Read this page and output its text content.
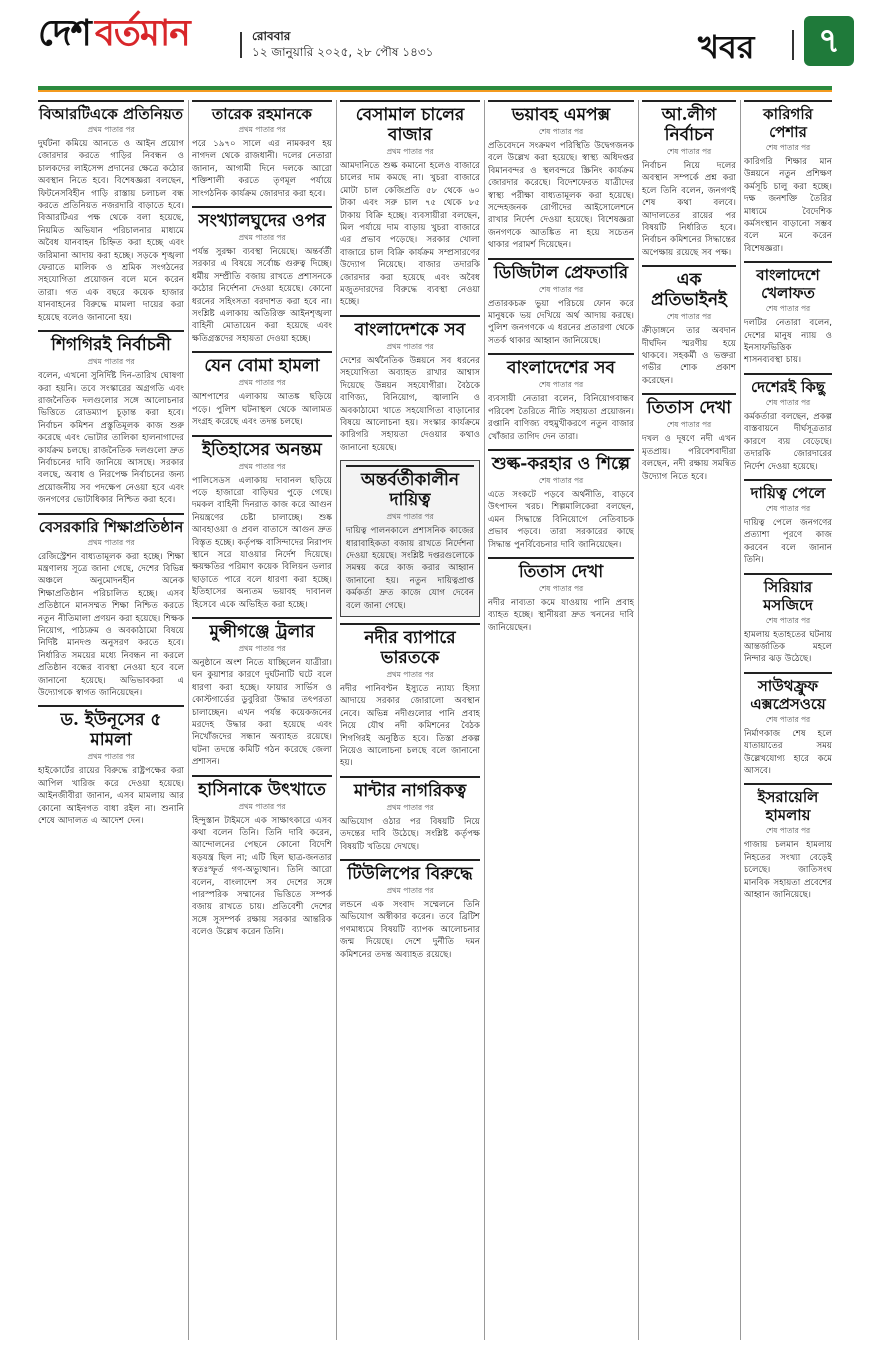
দেশ বর্তমান	রোববার
১২ জানুয়ারি ২০২৫, ২৮ পৌষ ১৪৩১	খবর	৭
বিআরটিএকে প্রতিনিয়ত
প্রথম পাতার পর
দুর্ঘটনা কমিয়ে আনতে ও আইন প্রয়োগ জোরদার করতে গাড়ির নিবন্ধন ও চালকদের লাইসেন্স প্রদানের ক্ষেত্রে কঠোর অবস্থান নিতে হবে। বিশেষজ্ঞরা বলছেন, ফিটনেসবিহীন গাড়ি রাস্তায় চলাচল বন্ধ করতে প্রতিনিয়ত নজরদারি বাড়াতে হবে। বিআরটিএর পক্ষ থেকে বলা হয়েছে, নিয়মিত অভিযান পরিচালনার মাধ্যমে অবৈধ যানবাহন চিহ্নিত করা হচ্ছে এবং জরিমানা আদায় করা হচ্ছে। সড়কে শৃঙ্খলা ফেরাতে মালিক ও শ্রমিক সংগঠনের সহযোগিতা প্রয়োজন বলে মনে করেন তারা। গত এক বছরে কয়েক হাজার যানবাহনের বিরুদ্ধে মামলা দায়ের করা হয়েছে বলেও জানানো হয়।
শিগগিরই নির্বাচনী
প্রথম পাতার পর
বলেন, এখনো সুনির্দিষ্ট দিন-তারিখ ঘোষণা করা হয়নি। তবে সংস্কারের অগ্রগতি এবং রাজনৈতিক দলগুলোর সঙ্গে আলোচনার ভিত্তিতে রোডম্যাপ চূড়ান্ত করা হবে। নির্বাচন কমিশন প্রস্তুতিমূলক কাজ শুরু করেছে এবং ভোটার তালিকা হালনাগাদের কার্যক্রম চলছে। রাজনৈতিক দলগুলো দ্রুত নির্বাচনের দাবি জানিয়ে আসছে। সরকার বলছে, অবাধ ও নিরপেক্ষ নির্বাচনের জন্য প্রয়োজনীয় সব পদক্ষেপ নেওয়া হবে এবং জনগণের ভোটাধিকার নিশ্চিত করা হবে।
বেসরকারি শিক্ষাপ্রতিষ্ঠান
প্রথম পাতার পর
রেজিস্ট্রেশন বাধ্যতামূলক করা হচ্ছে। শিক্ষা মন্ত্রণালয় সূত্রে জানা গেছে, দেশের বিভিন্ন অঞ্চলে অনুমোদনহীন অনেক শিক্ষাপ্রতিষ্ঠান পরিচালিত হচ্ছে। এসব প্রতিষ্ঠানে মানসম্মত শিক্ষা নিশ্চিত করতে নতুন নীতিমালা প্রণয়ন করা হয়েছে। শিক্ষক নিয়োগ, পাঠ্যক্রম ও অবকাঠামো বিষয়ে নির্দিষ্ট মানদণ্ড অনুসরণ করতে হবে। নির্ধারিত সময়ের মধ্যে নিবন্ধন না করলে প্রতিষ্ঠান বন্ধের ব্যবস্থা নেওয়া হবে বলে জানানো হয়েছে। অভিভাবকরা এ উদ্যোগকে স্বাগত জানিয়েছেন।
ড. ইউনূসের ৫ মামলা
প্রথম পাতার পর
হাইকোর্টের রায়ের বিরুদ্ধে রাষ্ট্রপক্ষের করা আপিল খারিজ করে দেওয়া হয়েছে। আইনজীবীরা জানান, এসব মামলায় আর কোনো আইনগত বাধা রইল না। শুনানি শেষে আদালত এ আদেশ দেন।
তারেক রহমানকে
প্রথম পাতার পর
পরে ১৯৭০ সালে এর নামকরণ হয় নাগদল থেকে রাজধানী। দলের নেতারা জানান, আগামী দিনে দলকে আরো শক্তিশালী করতে তৃণমূল পর্যায়ে সাংগঠনিক কার্যক্রম জোরদার করা হবে।
সংখ্যালঘুদের ওপর
প্রথম পাতার পর
পর্যন্ত সুরক্ষা ব্যবস্থা নিয়েছে। অন্তর্বর্তী সরকার এ বিষয়ে সর্বোচ্চ গুরুত্ব দিচ্ছে। ধর্মীয় সম্প্রীতি বজায় রাখতে প্রশাসনকে কঠোর নির্দেশনা দেওয়া হয়েছে। কোনো ধরনের সহিংসতা বরদাশত করা হবে না। সংশ্লিষ্ট এলাকায় অতিরিক্ত আইনশৃঙ্খলা বাহিনী মোতায়েন করা হয়েছে এবং ক্ষতিগ্রস্তদের সহায়তা দেওয়া হচ্ছে।
যেন বোমা হামলা
প্রথম পাতার পর
আশপাশের এলাকায় আতঙ্ক ছড়িয়ে পড়ে। পুলিশ ঘটনাস্থল থেকে আলামত সংগ্রহ করেছে এবং তদন্ত চলছে।
ইতিহাসের অনন্তম
প্রথম পাতার পর
পালিসেডস এলাকায় দাবানল ছড়িয়ে পড়ে হাজারো বাড়িঘর পুড়ে গেছে। দমকল বাহিনী দিনরাত কাজ করে আগুন নিয়ন্ত্রণের চেষ্টা চালাচ্ছে। শুষ্ক আবহাওয়া ও প্রবল বাতাসে আগুন দ্রুত বিস্তৃত হচ্ছে। কর্তৃপক্ষ বাসিন্দাদের নিরাপদ স্থানে সরে যাওয়ার নির্দেশ দিয়েছে। ক্ষয়ক্ষতির পরিমাণ কয়েক বিলিয়ন ডলার ছাড়াতে পারে বলে ধারণা করা হচ্ছে। ইতিহাসের অন্যতম ভয়াবহ দাবানল হিসেবে একে অভিহিত করা হচ্ছে।
মুন্সীগঞ্জে ট্রলার
প্রথম পাতার পর
অনুষ্ঠানে অংশ নিতে যাচ্ছিলেন যাত্রীরা। ঘন কুয়াশার কারণে দুর্ঘটনাটি ঘটে বলে ধারণা করা হচ্ছে। ফায়ার সার্ভিস ও কোস্টগার্ডের ডুবুরিরা উদ্ধার তৎপরতা চালাচ্ছেন। এখন পর্যন্ত কয়েকজনের মরদেহ উদ্ধার করা হয়েছে এবং নিখোঁজদের সন্ধান অব্যাহত রয়েছে। ঘটনা তদন্তে কমিটি গঠন করেছে জেলা প্রশাসন।
হাসিনাকে উৎখাতে
প্রথম পাতার পর
হিন্দুস্তান টাইমসে এক সাক্ষাৎকারে এসব কথা বলেন তিনি। তিনি দাবি করেন, আন্দোলনের পেছনে কোনো বিদেশি ষড়যন্ত্র ছিল না; এটি ছিল ছাত্র-জনতার স্বতঃস্ফূর্ত গণ-অভ্যুত্থান। তিনি আরো বলেন, বাংলাদেশ সব দেশের সঙ্গে পারস্পরিক সম্মানের ভিত্তিতে সম্পর্ক বজায় রাখতে চায়। প্রতিবেশী দেশের সঙ্গে সুসম্পর্ক রক্ষায় সরকার আন্তরিক বলেও উল্লেখ করেন তিনি।
বেসামাল চালের বাজার
প্রথম পাতার পর
আমদানিতে শুল্ক কমানো হলেও বাজারে চালের দাম কমছে না। খুচরা বাজারে মোটা চাল কেজিপ্রতি ৫৮ থেকে ৬০ টাকা এবং সরু চাল ৭৫ থেকে ৮৫ টাকায় বিক্রি হচ্ছে। ব্যবসায়ীরা বলছেন, মিল পর্যায়ে দাম বাড়ায় খুচরা বাজারে এর প্রভাব পড়েছে। সরকার খোলা বাজারে চাল বিক্রি কার্যক্রম সম্প্রসারণের উদ্যোগ নিয়েছে। বাজার তদারকি জোরদার করা হয়েছে এবং অবৈধ মজুতদারদের বিরুদ্ধে ব্যবস্থা নেওয়া হচ্ছে।
বাংলাদেশকে সব
প্রথম পাতার পর
দেশের অর্থনৈতিক উন্নয়নে সব ধরনের সহযোগিতা অব্যাহত রাখার আশ্বাস দিয়েছে উন্নয়ন সহযোগীরা। বৈঠকে বাণিজ্য, বিনিয়োগ, জ্বালানি ও অবকাঠামো খাতে সহযোগিতা বাড়ানোর বিষয়ে আলোচনা হয়। সংস্কার কার্যক্রমে কারিগরি সহায়তা দেওয়ার কথাও জানানো হয়েছে।
অন্তর্বর্তীকালীন দায়িত্ব
প্রথম পাতার পর
দায়িত্ব পালনকালে প্রশাসনিক কাজের ধারাবাহিকতা বজায় রাখতে নির্দেশনা দেওয়া হয়েছে। সংশ্লিষ্ট দপ্তরগুলোকে সমন্বয় করে কাজ করার আহ্বান জানানো হয়। নতুন দায়িত্বপ্রাপ্ত কর্মকর্তা দ্রুত কাজে যোগ দেবেন বলে জানা গেছে।
নদীর ব্যাপারে ভারতকে
প্রথম পাতার পর
নদীর পানিবণ্টন ইস্যুতে ন্যায্য হিস্যা আদায়ে সরকার জোরালো অবস্থান নেবে। অভিন্ন নদীগুলোর পানি প্রবাহ নিয়ে যৌথ নদী কমিশনের বৈঠক শিগগিরই অনুষ্ঠিত হবে। তিস্তা প্রকল্প নিয়েও আলোচনা চলছে বলে জানানো হয়।
মান্টার নাগরিকত্ব
প্রথম পাতার পর
অভিযোগ ওঠার পর বিষয়টি নিয়ে তদন্তের দাবি উঠেছে। সংশ্লিষ্ট কর্তৃপক্ষ বিষয়টি খতিয়ে দেখছে।
টিউলিপের বিরুদ্ধে
প্রথম পাতার পর
লন্ডনে এক সংবাদ সম্মেলনে তিনি অভিযোগ অস্বীকার করেন। তবে ব্রিটিশ গণমাধ্যমে বিষয়টি ব্যাপক আলোচনার জন্ম দিয়েছে। দেশে দুর্নীতি দমন কমিশনের তদন্ত অব্যাহত রয়েছে।
ভয়াবহ এমপক্স
শেষ পাতার পর
প্রতিবেদনে সংক্রমণ পরিস্থিতি উদ্বেগজনক বলে উল্লেখ করা হয়েছে। স্বাস্থ্য অধিদপ্তর বিমানবন্দর ও স্থলবন্দরে স্ক্রিনিং কার্যক্রম জোরদার করেছে। বিদেশফেরত যাত্রীদের স্বাস্থ্য পরীক্ষা বাধ্যতামূলক করা হয়েছে। সন্দেহজনক রোগীদের আইসোলেশনে রাখার নির্দেশ দেওয়া হয়েছে। বিশেষজ্ঞরা জনগণকে আতঙ্কিত না হয়ে সচেতন থাকার পরামর্শ দিয়েছেন।
ডিজিটাল প্রেফতারি
শেষ পাতার পর
প্রতারকচক্র ভুয়া পরিচয়ে ফোন করে মানুষকে ভয় দেখিয়ে অর্থ আদায় করছে। পুলিশ জনগণকে এ ধরনের প্রতারণা থেকে সতর্ক থাকার আহ্বান জানিয়েছে।
বাংলাদেশের সব
শেষ পাতার পর
ব্যবসায়ী নেতারা বলেন, বিনিয়োগবান্ধব পরিবেশ তৈরিতে নীতি সহায়তা প্রয়োজন। রপ্তানি বাণিজ্য বহুমুখীকরণে নতুন বাজার খোঁজার তাগিদ দেন তারা।
শুল্ক-করহার ও শিল্পে
শেষ পাতার পর
এতে সংকটে পড়বে অর্থনীতি, বাড়বে উৎপাদন খরচ। শিল্পমালিকেরা বলছেন, এমন সিদ্ধান্তে বিনিয়োগে নেতিবাচক প্রভাব পড়বে। তারা সরকারের কাছে সিদ্ধান্ত পুনর্বিবেচনার দাবি জানিয়েছেন।
তিতাস দেখা
শেষ পাতার পর
নদীর নাব্যতা কমে যাওয়ায় পানি প্রবাহ ব্যাহত হচ্ছে। স্থানীয়রা দ্রুত খননের দাবি জানিয়েছেন।
আ.লীগ নির্বাচন
শেষ পাতার পর
নির্বাচন নিয়ে দলের অবস্থান সম্পর্কে প্রশ্ন করা হলে তিনি বলেন, জনগণই শেষ কথা বলবে। আদালতের রায়ের পর বিষয়টি নির্ধারিত হবে। নির্বাচন কমিশনের সিদ্ধান্তের অপেক্ষায় রয়েছে সব পক্ষ।
এক প্রতিভাইনই
শেষ পাতার পর
ক্রীড়াঙ্গনে তার অবদান দীর্ঘদিন স্মরণীয় হয়ে থাকবে। সহকর্মী ও ভক্তরা গভীর শোক প্রকাশ করেছেন।
তিতাস দেখা
শেষ পাতার পর
দখল ও দূষণে নদী এখন মৃতপ্রায়। পরিবেশবাদীরা বলছেন, নদী রক্ষায় সমন্বিত উদ্যোগ নিতে হবে।
কারিগরি পেশার
শেষ পাতার পর
কারিগরি শিক্ষার মান উন্নয়নে নতুন প্রশিক্ষণ কর্মসূচি চালু করা হচ্ছে। দক্ষ জনশক্তি তৈরির মাধ্যমে বৈদেশিক কর্মসংস্থান বাড়ানো সম্ভব বলে মনে করেন বিশেষজ্ঞরা।
বাংলাদেশে খেলাফত
শেষ পাতার পর
দলটির নেতারা বলেন, দেশের মানুষ ন্যায় ও ইনসাফভিত্তিক শাসনব্যবস্থা চায়।
দেশেরই কিছু
শেষ পাতার পর
কর্মকর্তারা বলছেন, প্রকল্প বাস্তবায়নে দীর্ঘসূত্রতার কারণে ব্যয় বেড়েছে। তদারকি জোরদারের নির্দেশ দেওয়া হয়েছে।
দায়িত্ব পেলে
শেষ পাতার পর
দায়িত্ব পেলে জনগণের প্রত্যাশা পূরণে কাজ করবেন বলে জানান তিনি।
সিরিয়ার মসজিদে
শেষ পাতার পর
হামলায় হতাহতের ঘটনায় আন্তর্জাতিক মহলে নিন্দার ঝড় উঠেছে।
সাউথফ্রুফ এক্সপ্রেসওয়ে
শেষ পাতার পর
নির্মাণকাজ শেষ হলে যাতায়াতের সময় উল্লেখযোগ্য হারে কমে আসবে।
ইসরায়েলি হামলায়
শেষ পাতার পর
গাজায় চলমান হামলায় নিহতের সংখ্যা বেড়েই চলেছে। জাতিসংঘ মানবিক সহায়তা প্রবেশের আহ্বান জানিয়েছে।
